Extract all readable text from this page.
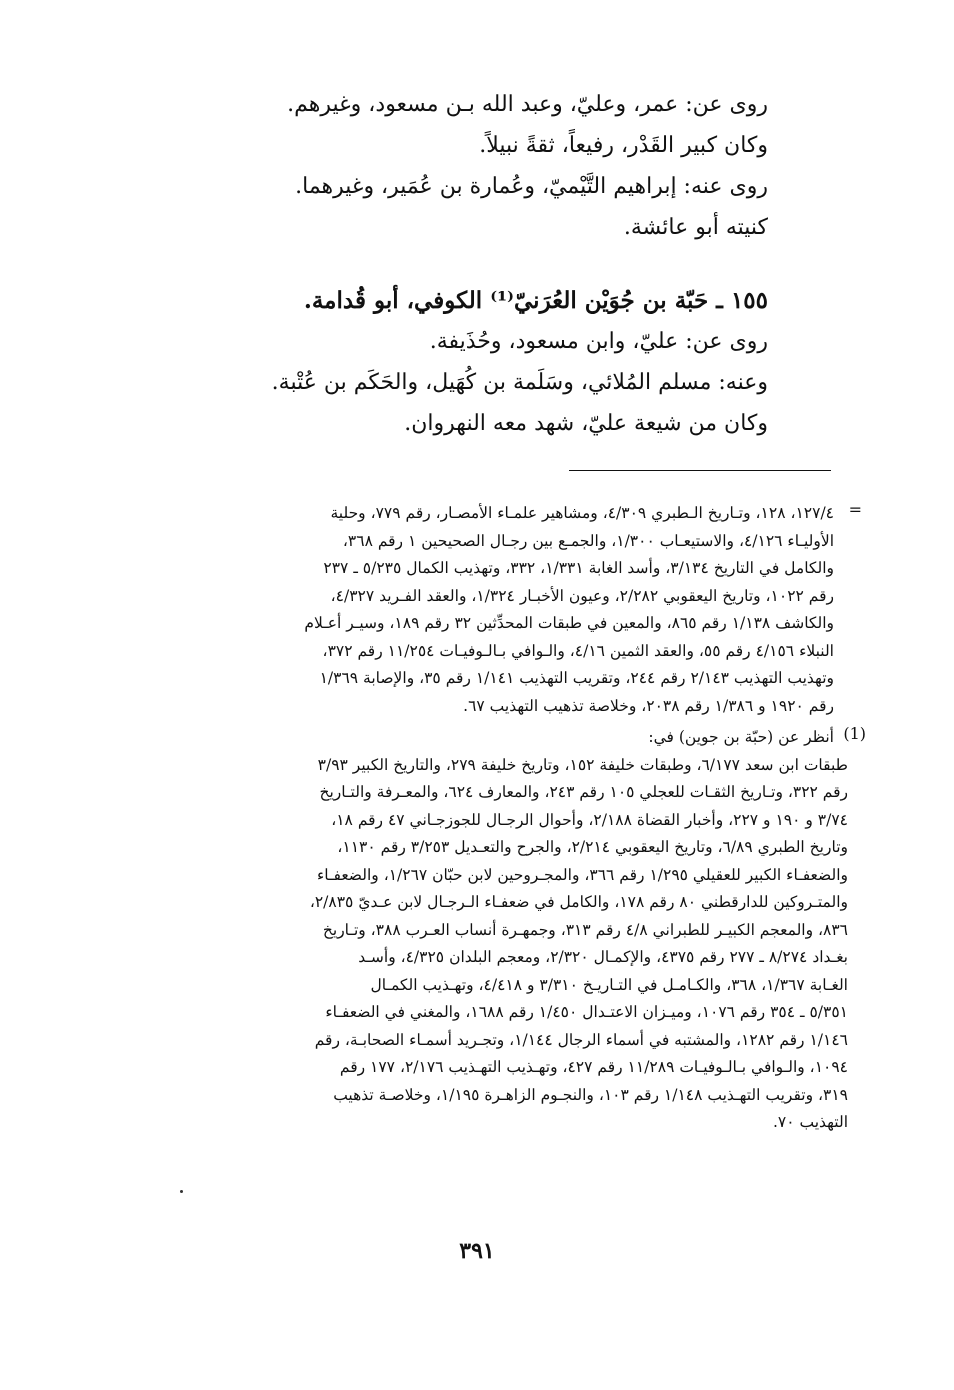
روى عن: عمر، وعليّ، وعبد الله بـن مسعود، وغيرهم.
وكان كبير القَدْر، رفيعاً، ثقةً نبيلاً.
روى عنه: إبراهيم التَّيْميّ، وعُمارة بن عُمَير، وغيرهما.
كنيته أبو عائشة.
١٥٥ ـ حَبّة بن جُوَيْن العُرَنيّ⁽¹⁾ الكوفي، أبو قُدامة.
روى عن: عليّ، وابن مسعود، وحُذَيفة.
وعنه: مسلم المُلائي، وسَلَمة بن كُهَيل، والحَكَم بن عُتْبة.
وكان من شيعة عليّ، شهد معه النهروان.
=
١٢٧/٤، ١٢٨، وتـاريخ الـطبري ٤/٣٠٩، ومشاهير علمـاء الأمصـار، رقم ٧٧٩، وحلية
الأوليـاء ٤/١٢٦، والاستيعـاب ١/٣٠٠، والجمـع بين رجـال الصحيحين ١ رقم ٣٦٨،
والكامل في التاريخ ٣/١٣٤، وأسد الغابة ١/٣٣١، ٣٣٢، وتهذيب الكمال ٥/٢٣٥ ـ ٢٣٧
رقم ١٠٢٢، وتاريخ اليعقوبي ٢/٢٨٢، وعيون الأخبـار ١/٣٢٤، والعقد الفـريد ٤/٣٢٧،
والكاشف ١/١٣٨ رقم ٨٦٥، والمعين في طبقات المحدِّثين ٣٢ رقم ١٨٩، وسيـر أعـلام
النبلاء ٤/١٥٦ رقم ٥٥، والعقد الثمين ٤/١٦، والـوافي بـالـوفيـات ١١/٢٥٤ رقم ٣٧٢،
وتهذيب التهذيب ٢/١٤٣ رقم ٢٤٤، وتقريب التهذيب ١/١٤١ رقم ٣٥، والإصابة ١/٣٦٩
رقم ١٩٢٠ و ١/٣٨٦ رقم ٢٠٣٨، وخلاصة تذهيب التهذيب ٦٧.
(1)
أنظر عن (حبّة بن جوين) في:
طبقات ابن سعد ٦/١٧٧، وطبقات خليفة ١٥٢، وتاريخ خليفة ٢٧٩، والتاريخ الكبير ٣/٩٣
رقم ٣٢٢، وتـاريخ الثقـات للعجلي ١٠٥ رقم ٢٤٣، والمعارف ٦٢٤، والمعـرفة والتـاريخ
٣/٧٤ و ١٩٠ و ٢٢٧، وأخبار القضاة ٢/١٨٨، وأحوال الرجـال للجوزجـاني ٤٧ رقم ١٨،
وتاريخ الطبري ٦/٨٩، وتاريخ اليعقوبي ٢/٢١٤، والجرح والتعـديل ٣/٢٥٣ رقم ١١٣٠،
والضعفـاء الكبير للعقيلي ١/٢٩٥ رقم ٣٦٦، والمجـروحين لابن حبّان ١/٢٦٧، والضعفـاء
والمتـروكين للدارقطني ٨٠ رقم ١٧٨، والكامل في ضعفـاء الـرجـال لابن عـديّ ٢/٨٣٥،
٨٣٦، والمعجم الكبيـر للطبراني ٤/٨ رقم ٣١٣، وجمهـرة أنساب العـرب ٣٨٨، وتـاريخ
بغـداد ٨/٢٧٤ ـ ٢٧٧ رقم ٤٣٧٥، والإكمـال ٢/٣٢٠، ومعجم البلدان ٤/٣٢٥، وأسـد
الغـابة ١/٣٦٧، ٣٦٨، والكـامـل في التـاريـخ ٣/٣١٠ و ٤/٤١٨، وتهـذيب الكمـال
٥/٣٥١ ـ ٣٥٤ رقم ١٠٧٦، وميـزان الاعتـدال ١/٤٥٠ رقم ١٦٨٨، والمغني في الضعفـاء
١/١٤٦ رقم ١٢٨٢، والمشتبه في أسماء الرجال ١/١٤٤، وتجـريد أسمـاء الصحابـة، رقم
١٠٩٤، والـوافي بـالـوفيـات ١١/٢٨٩ رقم ٤٢٧، وتهـذيب التهـذيب ٢/١٧٦، ١٧٧ رقم
٣١٩، وتقريب التهـذيب ١/١٤٨ رقم ١٠٣، والنجـوم الزاهـرة ١/١٩٥، وخلاصـة تذهيب
التهذيب ٧٠.
٣٩١
